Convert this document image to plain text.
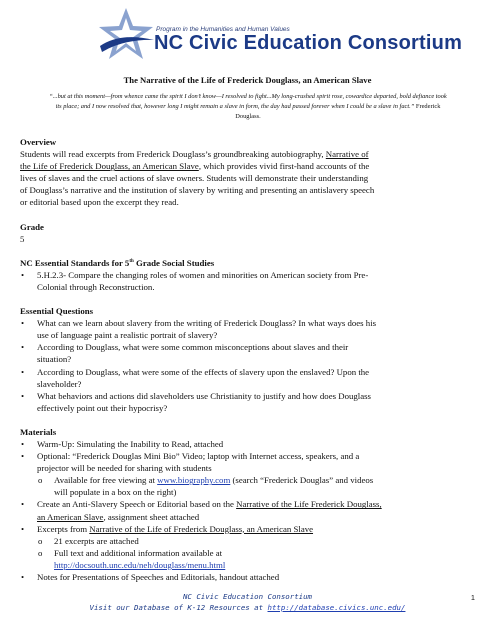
Program in the Humanities and Human Values
NC Civic Education Consortium
The Narrative of the Life of Frederick Douglass, an American Slave
“...but at this moment—from whence came the spirit I don’t know—I resolved to fight...My long-crushed spirit rose, cowardice departed, bold defiance took its place; and I now resolved that, however long I might remain a slave in form, the day had passed forever when I could be a slave in fact.” Frederick Douglass.
Overview
Students will read excerpts from Frederick Douglass’s groundbreaking autobiography, Narrative of
the Life of Frederick Douglass, an American Slave, which provides vivid first-hand accounts of the
lives of slaves and the cruel actions of slave owners. Students will demonstrate their understanding
of Douglass’s narrative and the institution of slavery by writing and presenting an antislavery speech
or editorial based upon the excerpt they read.
Grade
5
NC Essential Standards for 5th Grade Social Studies
• 5.H.2.3- Compare the changing roles of women and minorities on American society from Pre-
Colonial through Reconstruction.
Essential Questions
• What can we learn about slavery from the writing of Frederick Douglass? In what ways does his
use of language paint a realistic portrait of slavery?
• According to Douglass, what were some common misconceptions about slaves and their
situation?
• According to Douglass, what were some of the effects of slavery upon the enslaved? Upon the
slaveholder?
• What behaviors and actions did slaveholders use Christianity to justify and how does Douglass
effectively point out their hypocrisy?
Materials
• Warm-Up: Simulating the Inability to Read, attached
• Optional: “Frederick Douglas Mini Bio” Video; laptop with Internet access, speakers, and a
projector will be needed for sharing with students
o Available for free viewing at www.biography.com (search “Frederick Douglas” and videos
will populate in a box on the right)
• Create an Anti-Slavery Speech or Editorial based on the Narrative of the Life Frederick Douglass,
an American Slave, assignment sheet attached
• Excerpts from Narrative of the Life of Frederick Douglass, an American Slave
o 21 excerpts are attached
o Full text and additional information available at
http://docsouth.unc.edu/neh/douglass/menu.html
• Notes for Presentations of Speeches and Editorials, handout attached
NC Civic Education Consortium
Visit our Database of K-12 Resources at http://database.civics.unc.edu/
1
